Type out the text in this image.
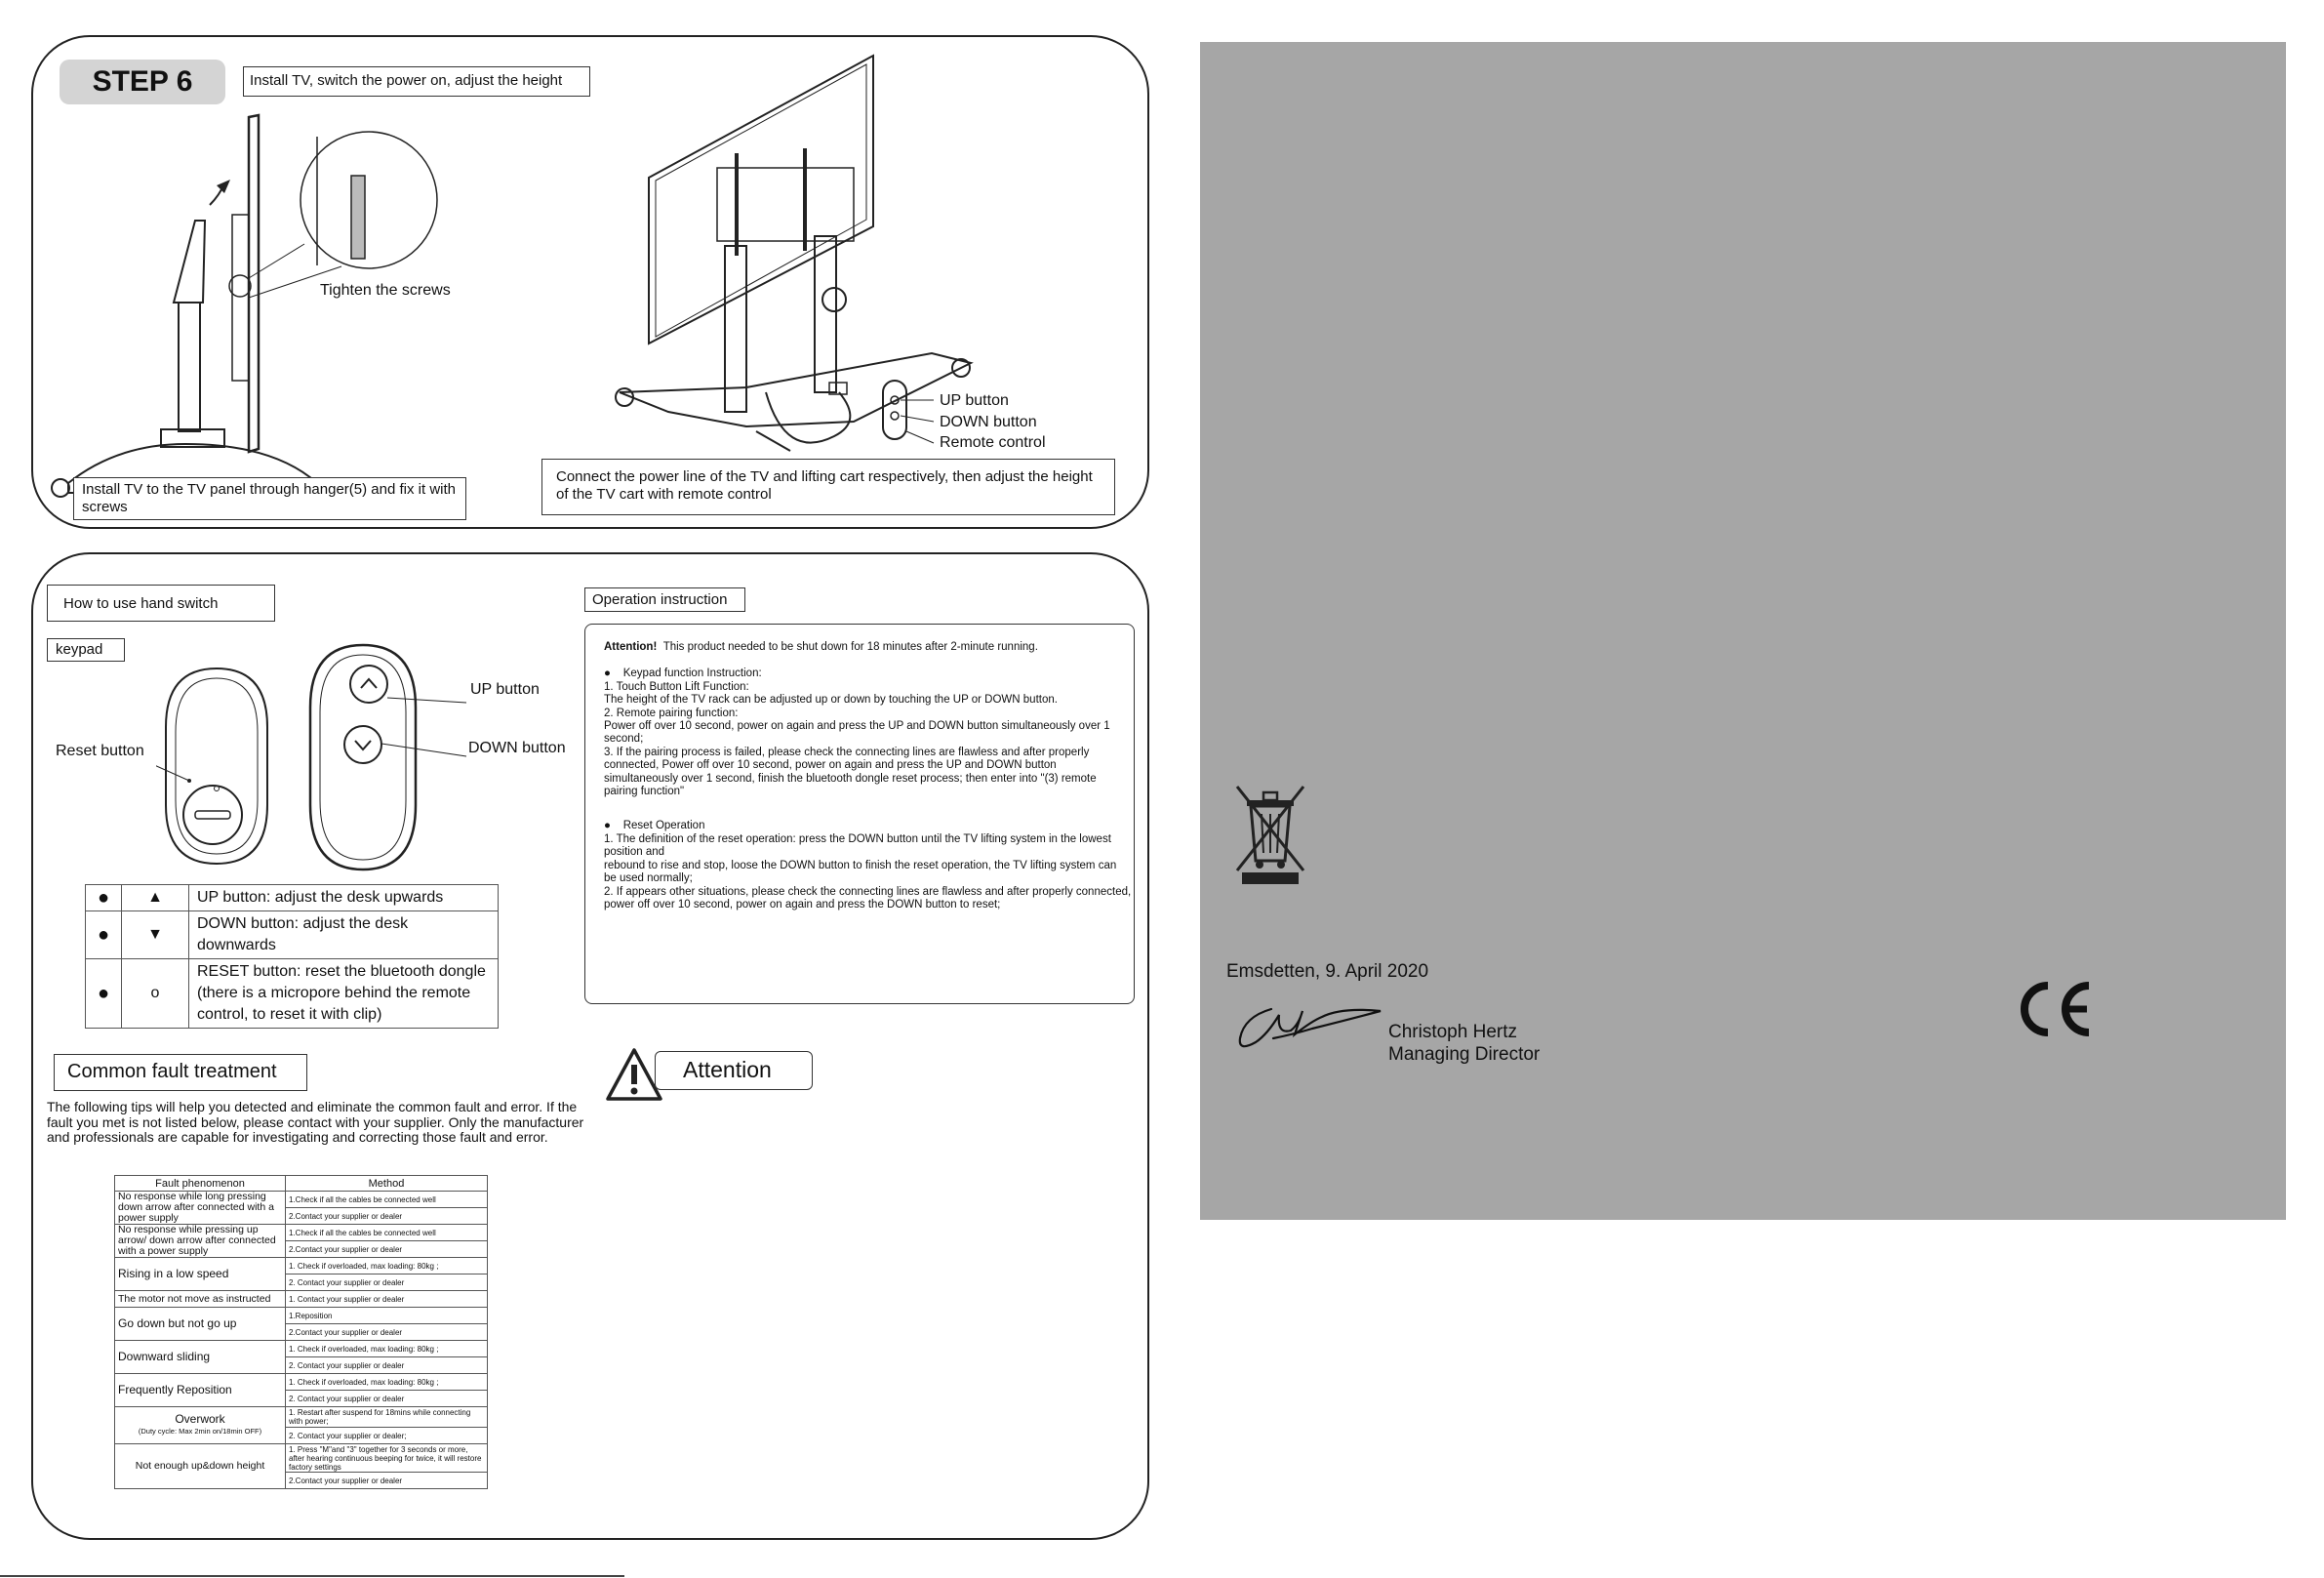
STEP 6	Install TV, switch the power on, adjust the height
Tighten the screws
Install TV to the TV panel through hanger(5) and fix it with screws
UP button
DOWN button
Remote control
Connect the power line of the TV and lifting cart respectively, then adjust the height of the TV cart with remote control
How to use hand switch
keypad
Reset button
UP button
DOWN button
●	▲	UP button: adjust the desk upwards
●	▼	DOWN button: adjust the desk downwards
●	o	RESET button: reset the bluetooth dongle (there is a micropore behind the remote control, to reset it with clip)
Operation instruction

Attention! This product needed to be shut down for 18 minutes after 2-minute running.

● Keypad function Instruction:

1. Touch Button Lift Function:

The height of the TV rack can be adjusted up or down by touching the UP or DOWN button.

2. Remote pairing function:

Power off over 10 second, power on again and press the UP and DOWN button simultaneously over 1 second;

3. If the pairing process is failed, please check the connecting lines are flawless and after properly connected, Power off over 10 second, power on again and press the UP and DOWN button simultaneously over 1 second, finish the bluetooth dongle reset process; then enter into "(3) remote pairing function"

● Reset Operation

1. The definition of the reset operation: press the DOWN button until the TV lifting system in the lowest position and

rebound to rise and stop, loose the DOWN button to finish the reset operation, the TV lifting system can be used normally;

2. If appears other situations, please check the connecting lines are flawless and after properly connected, power off over 10 second, power on again and press the DOWN button to reset;

Common fault treatment
The following tips will help you detected and eliminate the common fault and error. If the fault you met is not listed below, please contact with your supplier. Only the manufacturer and professionals are capable for investigating and correcting those fault and error.
Fault phenomenon	Method
No response while long pressing down arrow after connected with a power supply	1.Check if all the cables be connected well
	2.Contact your supplier or dealer
No response while pressing up arrow/ down arrow after connected with a power supply	1.Check if all the cables be connected well
	2.Contact your supplier or dealer
Rising in a low speed	1. Check if overloaded, max loading: 80kg ;
	2. Contact your supplier or dealer
The motor not move as instructed	1. Contact your supplier or dealer
Go down but not go up	1.Reposition
	2.Contact your supplier or dealer
Downward sliding	1. Check if overloaded, max loading: 80kg ;
	2. Contact your supplier or dealer
Frequently Reposition	1. Check if overloaded, max loading: 80kg ;
	2. Contact your supplier or dealer
Overwork
(Duty cycle: Max 2min on/18min OFF)	1. Restart after suspend for 18mins while connecting with power;
	2. Contact your supplier or dealer;
Not enough up&down height	1. Press "M"and "3" together for 3 seconds or more, after hearing continuous beeping for twice, it will restore factory settings
	2.Contact your supplier or dealer
Attention
Emsdetten, 9. April 2020
Christoph Hertz
Managing Director
